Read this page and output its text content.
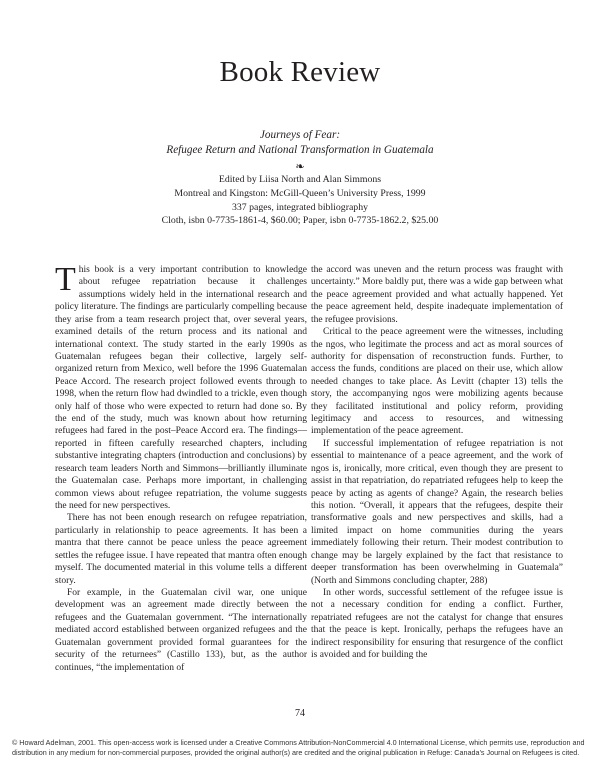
Book Review
Journeys of Fear:
Refugee Return and National Transformation in Guatemala
❧
Edited by Liisa North and Alan Simmons
Montreal and Kingston: McGill-Queen’s University Press, 1999
337 pages, integrated bibliography
Cloth, isbn 0-7735-1861-4, $60.00; Paper, isbn 0-7735-1862.2, $25.00

This book is a very important contribution to knowledge about refugee repatriation because it challenges assumptions widely held in the international research and policy literature. The findings are particularly compelling because they arise from a team research project that, over several years, examined details of the return process and its national and international context. The study started in the early 1990s as Guatemalan refugees began their collective, largely self-organized return from Mexico, well before the 1996 Guatemalan Peace Accord. The research project followed events through to 1998, when the return flow had dwindled to a trickle, even though only half of those who were expected to return had done so. By the end of the study, much was known about how returning refugees had fared in the post–Peace Accord era. The findings—reported in fifteen carefully researched chapters, including substantive integrating chapters (introduction and conclusions) by research team leaders North and Simmons—brilliantly illuminate the Guatemalan case. Perhaps more important, in challenging common views about refugee repatriation, the volume suggests the need for new perspectives.

There has not been enough research on refugee repatriation, particularly in relationship to peace agreements. It has been a mantra that there cannot be peace unless the peace agreement settles the refugee issue. I have repeated that mantra often enough myself. The documented material in this volume tells a different story.

For example, in the Guatemalan civil war, one unique development was an agreement made directly between the refugees and the Guatemalan government. “The internationally mediated accord established between organized refugees and the Guatemalan government provided formal guarantees for the security of the returnees” (Castillo 133), but, as the author continues, “the implementation of

the accord was uneven and the return process was fraught with uncertainty.” More baldly put, there was a wide gap between what the peace agreement provided and what actually happened. Yet the peace agreement held, despite inadequate implementation of the refugee provisions.

Critical to the peace agreement were the witnesses, including the ngos, who legitimate the process and act as moral sources of authority for dispensation of reconstruction funds. Further, to access the funds, conditions are placed on their use, which allow needed changes to take place. As Levitt (chapter 13) tells the story, the accompanying ngos were mobilizing agents because they facilitated institutional and policy reform, providing legitimacy and access to resources, and witnessing implementation of the peace agreement.

If successful implementation of refugee repatriation is not essential to maintenance of a peace agreement, and the work of ngos is, ironically, more critical, even though they are present to assist in that repatriation, do repatriated refugees help to keep the peace by acting as agents of change? Again, the research belies this notion. “Overall, it appears that the refugees, despite their transformative goals and new perspectives and skills, had a limited impact on home communities during the years immediately following their return. Their modest contribution to change may be largely explained by the fact that resistance to deeper transformation has been overwhelming in Guatemala” (North and Simmons concluding chapter, 288)

In other words, successful settlement of the refugee issue is not a necessary condition for ending a conflict. Further, repatriated refugees are not the catalyst for change that ensures that the peace is kept. Ironically, perhaps the refugees have an indirect responsibility for ensuring that resurgence of the conflict is avoided and for building the

74
© Howard Adelman, 2001. This open-access work is licensed under a Creative Commons Attribution-NonCommercial 4.0 International License, which permits use, reproduction and distribution in any medium for non-commercial purposes, provided the original author(s) are credited and the original publication in Refuge: Canada’s Journal on Refugees is cited.
